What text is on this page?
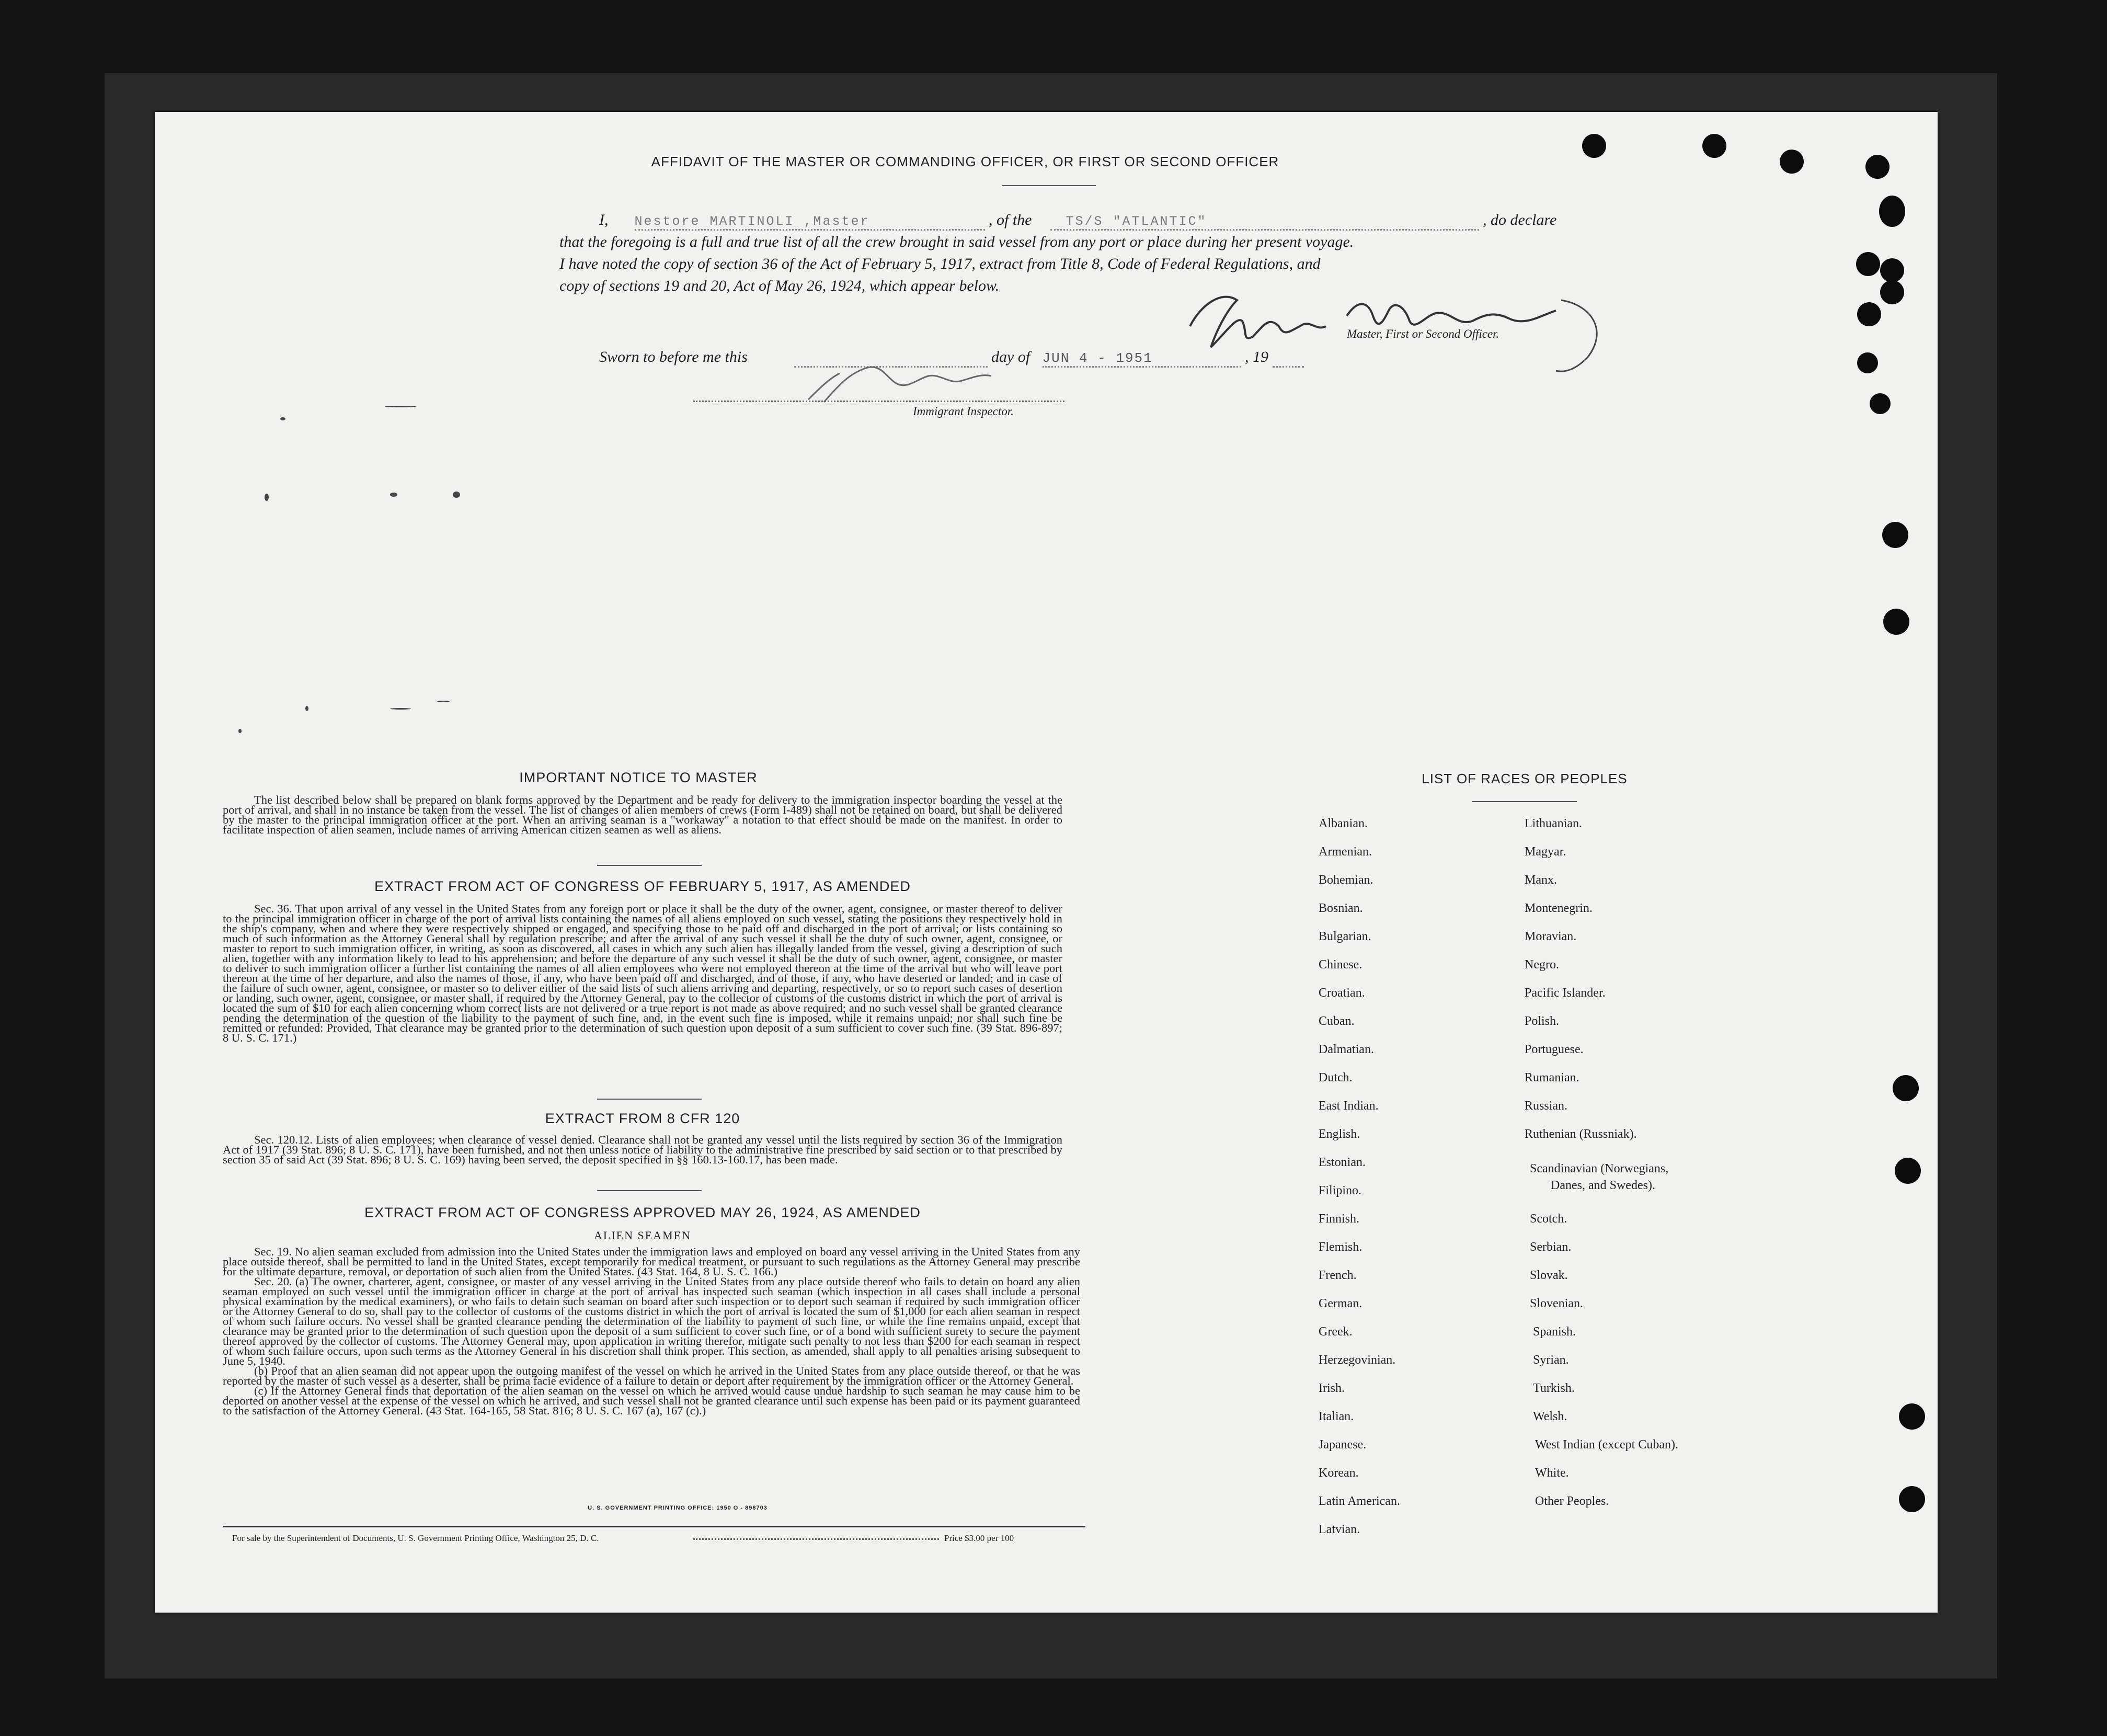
AFFIDAVIT OF THE MASTER OR COMMANDING OFFICER, OR FIRST OR SECOND OFFICER
I, Nestore MARTINOLI ,Master	, of the	TS/S "ATLANTIC"	, do declare
that the foregoing is a full and true list of all the crew brought in said vessel from any port or place during her present voyage.
I have noted the copy of section 36 of the Act of February 5, 1917, extract from Title 8, Code of Federal Regulations, and
copy of sections 19 and 20, Act of May 26, 1924, which appear below.
Master, First or Second Officer.
Sworn to before me this	day of JUN 4 - 1951	, 19
Immigrant Inspector.
IMPORTANT NOTICE TO MASTER
The list described below shall be prepared on blank forms approved by the Department and be ready for delivery to the immigration inspector boarding the vessel at the port of arrival, and shall in no instance be taken from the vessel. The list of changes of alien members of crews (Form I-489) shall not be retained on board, but shall be delivered by the master to the principal immigration officer at the port. When an arriving seaman is a "workaway" a notation to that effect should be made on the manifest. In order to facilitate inspection of alien seamen, include names of arriving American citizen seamen as well as aliens.
EXTRACT FROM ACT OF CONGRESS OF FEBRUARY 5, 1917, AS AMENDED
Sec. 36. That upon arrival of any vessel in the United States from any foreign port or place it shall be the duty of the owner, agent, consignee, or master thereof to deliver to the principal immigration officer in charge of the port of arrival lists containing the names of all aliens employed on such vessel, stating the positions they respectively hold in the ship's company, when and where they were respectively shipped or engaged, and specifying those to be paid off and discharged in the port of arrival; or lists containing so much of such information as the Attorney General shall by regulation prescribe; and after the arrival of any such vessel it shall be the duty of such owner, agent, consignee, or master to report to such immigration officer, in writing, as soon as discovered, all cases in which any such alien has illegally landed from the vessel, giving a description of such alien, together with any information likely to lead to his apprehension; and before the departure of any such vessel it shall be the duty of such owner, agent, consignee, or master to deliver to such immigration officer a further list containing the names of all alien employees who were not employed thereon at the time of the arrival but who will leave port thereon at the time of her departure, and also the names of those, if any, who have been paid off and discharged, and of those, if any, who have deserted or landed; and in case of the failure of such owner, agent, consignee, or master so to deliver either of the said lists of such aliens arriving and departing, respectively, or so to report such cases of desertion or landing, such owner, agent, consignee, or master shall, if required by the Attorney General, pay to the collector of customs of the customs district in which the port of arrival is located the sum of $10 for each alien concerning whom correct lists are not delivered or a true report is not made as above required; and no such vessel shall be granted clearance pending the determination of the question of the liability to the payment of such fine, and, in the event such fine is imposed, while it remains unpaid; nor shall such fine be remitted or refunded: Provided, That clearance may be granted prior to the determination of such question upon deposit of a sum sufficient to cover such fine. (39 Stat. 896-897; 8 U. S. C. 171.)
EXTRACT FROM 8 CFR 120
Sec. 120.12. Lists of alien employees; when clearance of vessel denied. Clearance shall not be granted any vessel until the lists required by section 36 of the Immigration Act of 1917 (39 Stat. 896; 8 U. S. C. 171), have been furnished, and not then unless notice of liability to the administrative fine prescribed by said section or to that prescribed by section 35 of said Act (39 Stat. 896; 8 U. S. C. 169) having been served, the deposit specified in §§ 160.13-160.17, has been made.
EXTRACT FROM ACT OF CONGRESS APPROVED MAY 26, 1924, AS AMENDED
ALIEN SEAMEN

Sec. 19. No alien seaman excluded from admission into the United States under the immigration laws and employed on board any vessel arriving in the United States from any place outside thereof, shall be permitted to land in the United States, except temporarily for medical treatment, or pursuant to such regulations as the Attorney General may prescribe for the ultimate departure, removal, or deportation of such alien from the United States. (43 Stat. 164, 8 U. S. C. 166.)

Sec. 20. (a) The owner, charterer, agent, consignee, or master of any vessel arriving in the United States from any place outside thereof who fails to detain on board any alien seaman employed on such vessel until the immigration officer in charge at the port of arrival has inspected such seaman (which inspection in all cases shall include a personal physical examination by the medical examiners), or who fails to detain such seaman on board after such inspection or to deport such seaman if required by such immigration officer or the Attorney General to do so, shall pay to the collector of customs of the customs district in which the port of arrival is located the sum of $1,000 for each alien seaman in respect of whom such failure occurs. No vessel shall be granted clearance pending the determination of the liability to payment of such fine, or while the fine remains unpaid, except that clearance may be granted prior to the determination of such question upon the deposit of a sum sufficient to cover such fine, or of a bond with sufficient surety to secure the payment thereof approved by the collector of customs. The Attorney General may, upon application in writing therefor, mitigate such penalty to not less than $200 for each seaman in respect of whom such failure occurs, upon such terms as the Attorney General in his discretion shall think proper. This section, as amended, shall apply to all penalties arising subsequent to June 5, 1940.

(b) Proof that an alien seaman did not appear upon the outgoing manifest of the vessel on which he arrived in the United States from any place outside thereof, or that he was reported by the master of such vessel as a deserter, shall be prima facie evidence of a failure to detain or deport after requirement by the immigration officer or the Attorney General.

(c) If the Attorney General finds that deportation of the alien seaman on the vessel on which he arrived would cause undue hardship to such seaman he may cause him to be deported on another vessel at the expense of the vessel on which he arrived, and such vessel shall not be granted clearance until such expense has been paid or its payment guaranteed to the satisfaction of the Attorney General. (43 Stat. 164-165, 58 Stat. 816; 8 U. S. C. 167 (a), 167 (c).)

U. S. GOVERNMENT PRINTING OFFICE: 1950 O - 898703
For sale by the Superintendent of Documents, U. S. Government Printing Office, Washington 25, D. C.	Price $3.00 per 100
LIST OF RACES OR PEOPLES
Albanian.
Armenian.
Bohemian.
Bosnian.
Bulgarian.
Chinese.
Croatian.
Cuban.
Dalmatian.
Dutch.
East Indian.
English.
Estonian.
Filipino.
Finnish.
Flemish.
French.
German.
Greek.
Herzegovinian.
Irish.
Italian.
Japanese.
Korean.
Latin American.
Latvian.
Lithuanian.
Magyar.
Manx.
Montenegrin.
Moravian.
Negro.
Pacific Islander.
Polish.
Portuguese.
Rumanian.
Russian.
Ruthenian (Russniak).
Scandinavian (Norwegians,
Danes, and Swedes).
Scotch.
Serbian.
Slovak.
Slovenian.
Spanish.
Syrian.
Turkish.
Welsh.
West Indian (except Cuban).
White.
Other Peoples.
